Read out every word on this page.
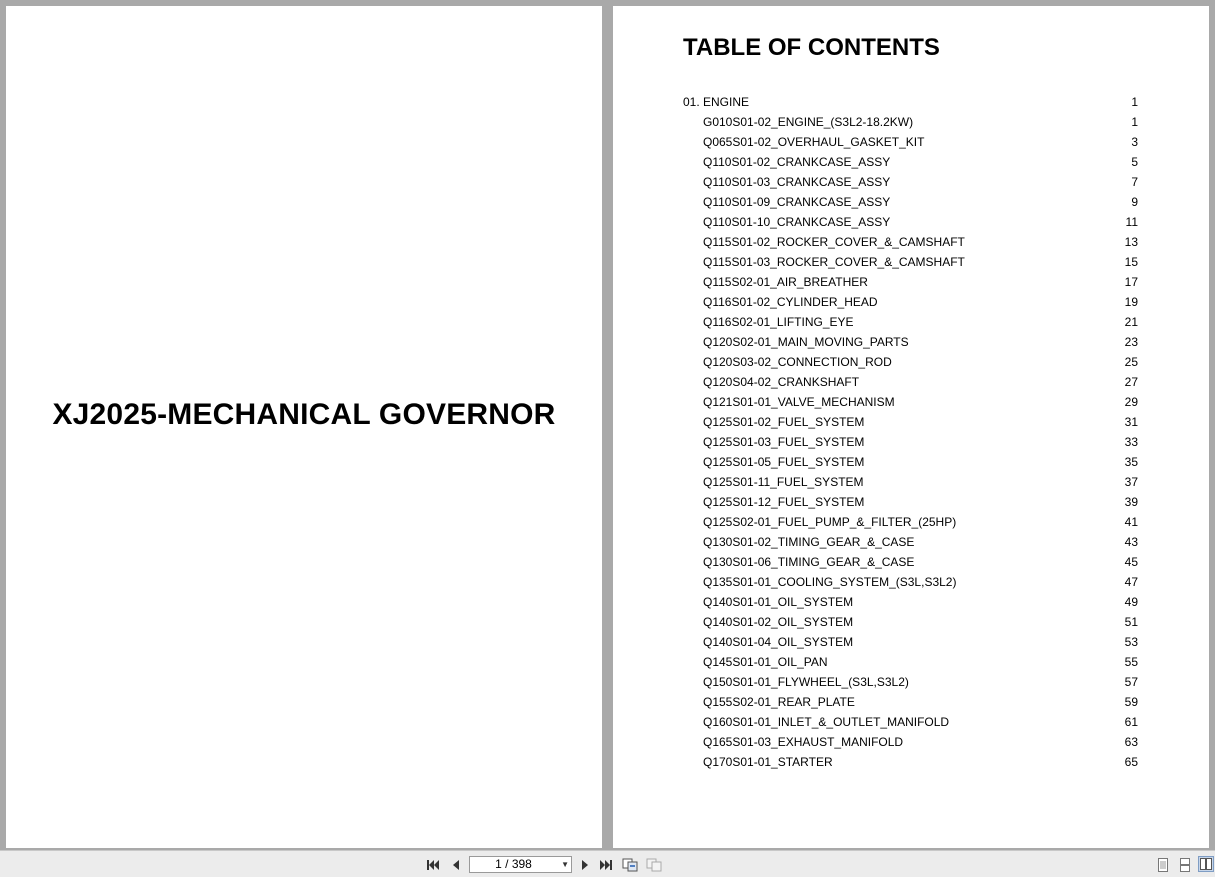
XJ2025-MECHANICAL GOVERNOR
TABLE OF CONTENTS
01. ENGINE	1
G010S01-02_ENGINE_(S3L2-18.2KW)	1
Q065S01-02_OVERHAUL_GASKET_KIT	3
Q110S01-02_CRANKCASE_ASSY	5
Q110S01-03_CRANKCASE_ASSY	7
Q110S01-09_CRANKCASE_ASSY	9
Q110S01-10_CRANKCASE_ASSY	11
Q115S01-02_ROCKER_COVER_&_CAMSHAFT	13
Q115S01-03_ROCKER_COVER_&_CAMSHAFT	15
Q115S02-01_AIR_BREATHER	17
Q116S01-02_CYLINDER_HEAD	19
Q116S02-01_LIFTING_EYE	21
Q120S02-01_MAIN_MOVING_PARTS	23
Q120S03-02_CONNECTION_ROD	25
Q120S04-02_CRANKSHAFT	27
Q121S01-01_VALVE_MECHANISM	29
Q125S01-02_FUEL_SYSTEM	31
Q125S01-03_FUEL_SYSTEM	33
Q125S01-05_FUEL_SYSTEM	35
Q125S01-11_FUEL_SYSTEM	37
Q125S01-12_FUEL_SYSTEM	39
Q125S02-01_FUEL_PUMP_&_FILTER_(25HP)	41
Q130S01-02_TIMING_GEAR_&_CASE	43
Q130S01-06_TIMING_GEAR_&_CASE	45
Q135S01-01_COOLING_SYSTEM_(S3L,S3L2)	47
Q140S01-01_OIL_SYSTEM	49
Q140S01-02_OIL_SYSTEM	51
Q140S01-04_OIL_SYSTEM	53
Q145S01-01_OIL_PAN	55
Q150S01-01_FLYWHEEL_(S3L,S3L2)	57
Q155S02-01_REAR_PLATE	59
Q160S01-01_INLET_&_OUTLET_MANIFOLD	61
Q165S01-03_EXHAUST_MANIFOLD	63
Q170S01-01_STARTER	65
1 / 398	▼
